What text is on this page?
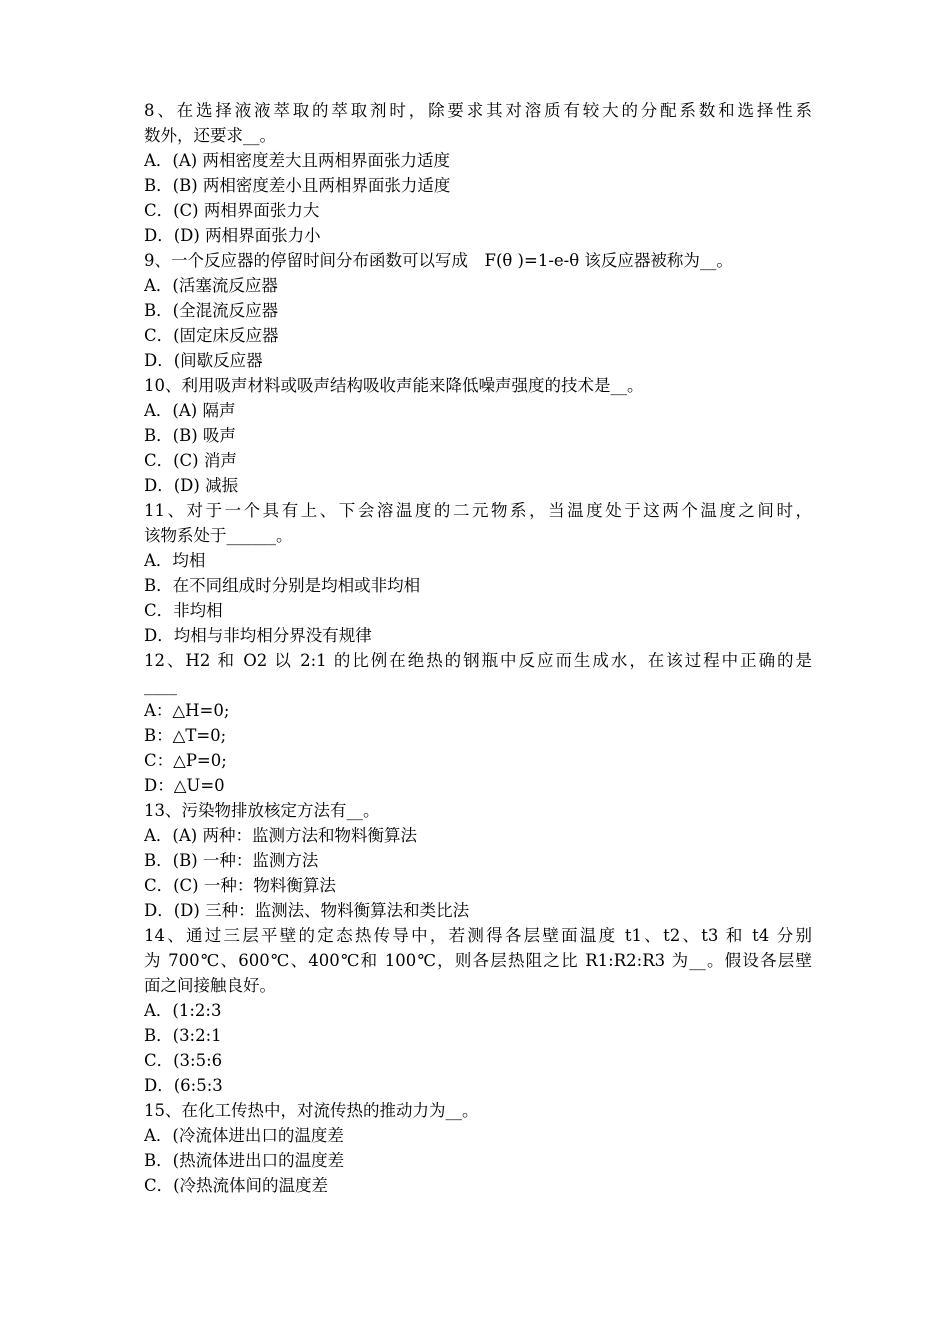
8、在选择液液萃取的萃取剂时，除要求其对溶质有较大的分配系数和选择性系
数外，还要求__。
A．(A) 两相密度差大且两相界面张力适度
B．(B) 两相密度差小且两相界面张力适度
C．(C) 两相界面张力大
D．(D) 两相界面张力小
9、一个反应器的停留时间分布函数可以写成　F(θ )=1-e-θ 该反应器被称为__。
A．(活塞流反应器
B．(全混流反应器
C．(固定床反应器
D．(间歇反应器
10、利用吸声材料或吸声结构吸收声能来降低噪声强度的技术是__。
A．(A) 隔声
B．(B) 吸声
C．(C) 消声
D．(D) 减振
11、对于一个具有上、下会溶温度的二元物系，当温度处于这两个温度之间时，
该物系处于______。
A．均相
B．在不同组成时分别是均相或非均相
C．非均相
D．均相与非均相分界没有规律
12、H2 和 O2 以 2:1 的比例在绝热的钢瓶中反应而生成水，在该过程中正确的是
____
A：△H=0;
B：△T=0;
C：△P=0;
D：△U=0
13、污染物排放核定方法有__。
A．(A) 两种：监测方法和物料衡算法
B．(B) 一种：监测方法
C．(C) 一种：物料衡算法
D．(D) 三种：监测法、物料衡算法和类比法
14、通过三层平壁的定态热传导中，若测得各层壁面温度 t1、t2、t3 和 t4 分别
为 700℃、600℃、400℃和 100℃，则各层热阻之比 R1:R2:R3 为__。假设各层壁
面之间接触良好。
A．(1:2:3
B．(3:2:1
C．(3:5:6
D．(6:5:3
15、在化工传热中，对流传热的推动力为__。
A．(冷流体进出口的温度差
B．(热流体进出口的温度差
C．(冷热流体间的温度差
